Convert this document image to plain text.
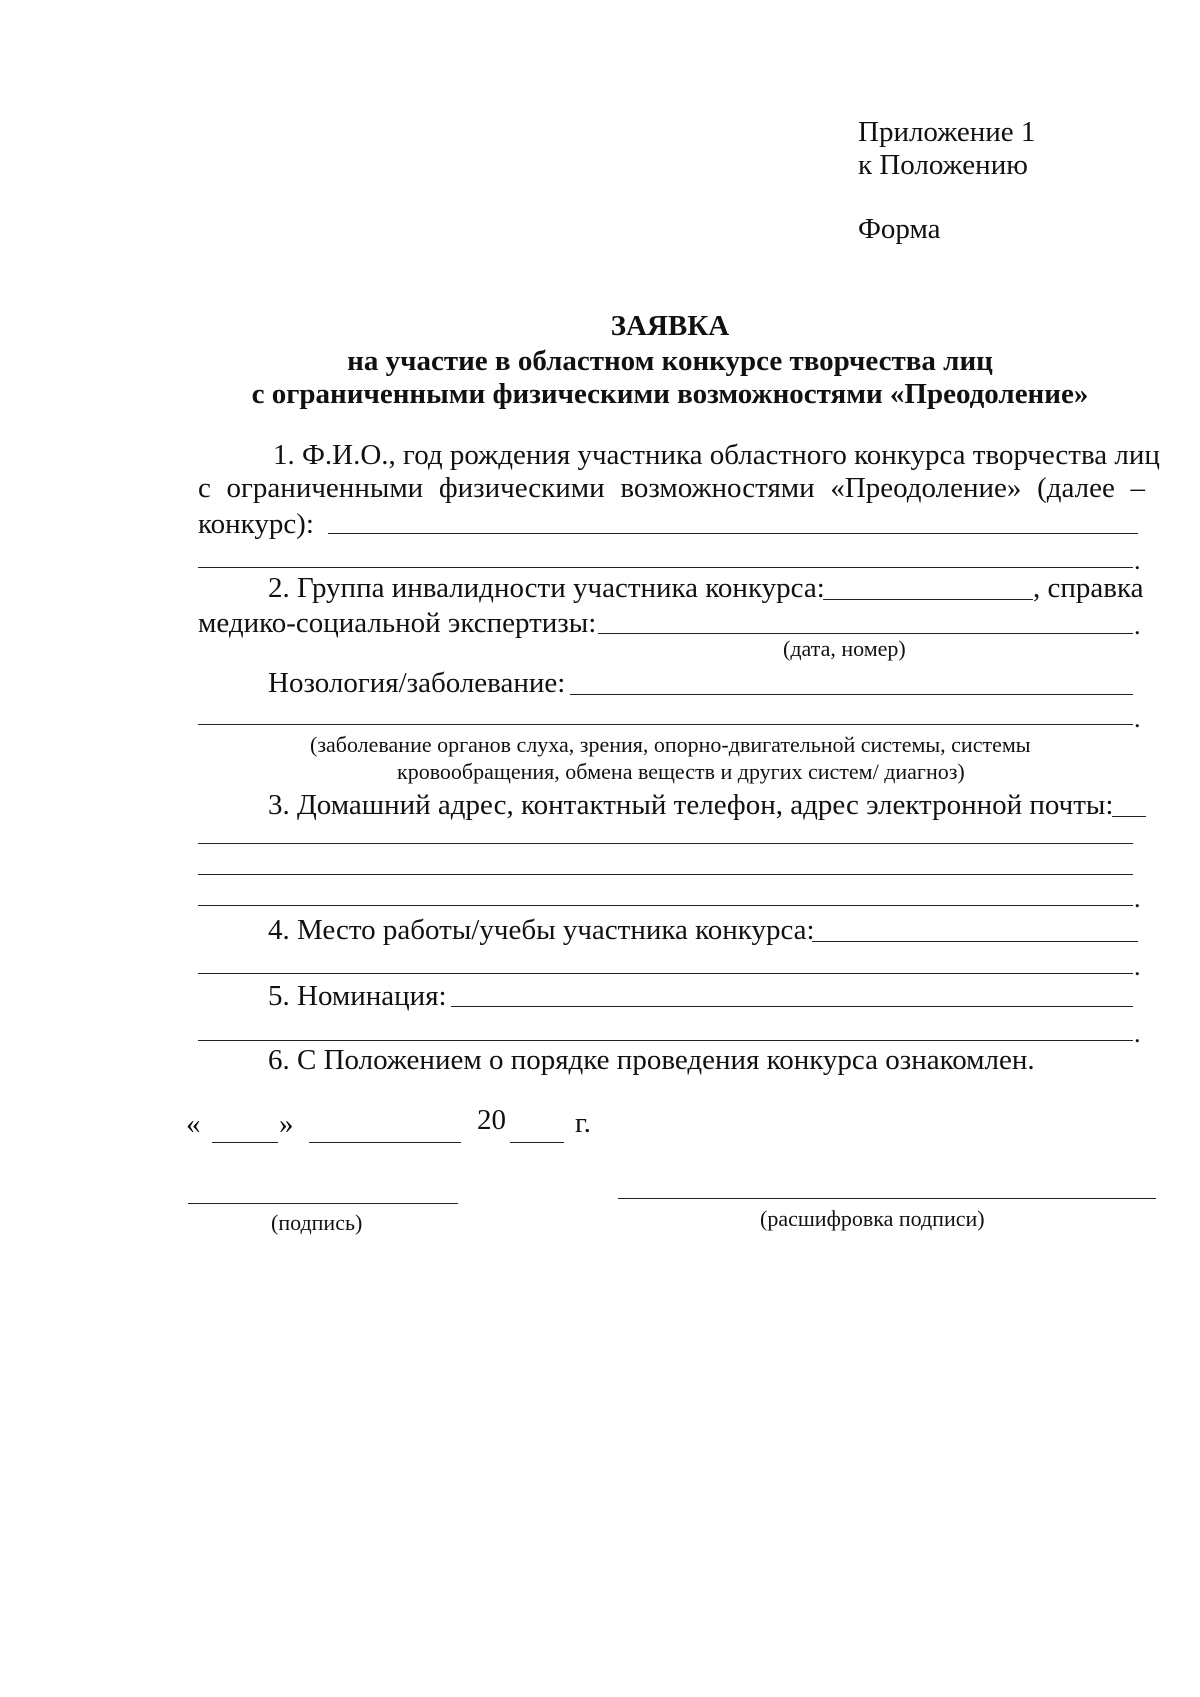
Приложение 1
к Положению
Форма
ЗАЯВКА
на участие в областном конкурсе творчества лиц
с ограниченными физическими возможностями «Преодоление»
1. Ф.И.О., год рождения участника областного конкурса творчества лиц
с ограниченными физическими возможностями «Преодоление» (далее –
конкурс):
.
2. Группа инвалидности участника конкурса:	, справка
медико-социальной экспертизы:	.
(дата, номер)
Нозология/заболевание:
.
(заболевание органов слуха, зрения, опорно-двигательной системы, системы
кровообращения, обмена веществ и других систем/ диагноз)
3. Домашний адрес, контактный телефон, адрес электронной почты:
.
4. Место работы/учебы участника конкурса:
.
5. Номинация:
.
6. С Положением о порядке проведения конкурса ознакомлен.
«	»	20 г.
(подпись)	(расшифровка подписи)
